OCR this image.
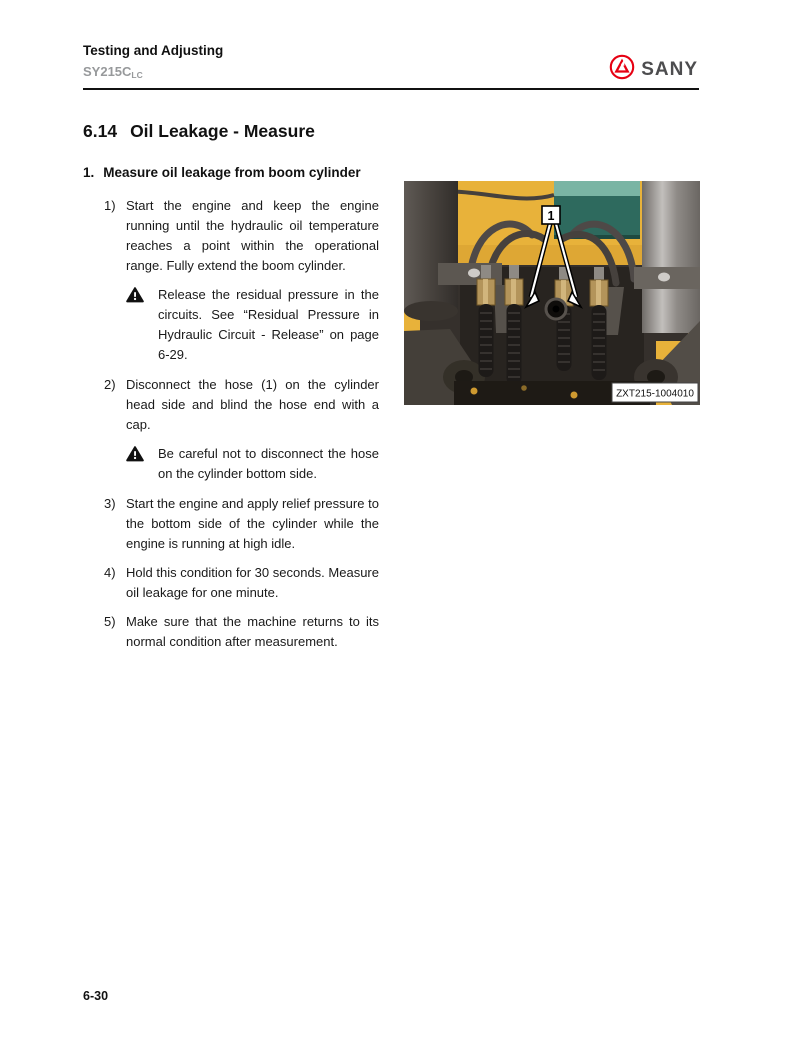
Testing and Adjusting
$SY215C_{LC}$	SANY
6.14 Oil Leakage - Measure
1. Measure oil leakage from boom cylinder
1) Start the engine and keep the engine running until the hydraulic oil temperature reaches a point within the operational range. Fully extend the boom cylinder.

Release the residual pressure in the circuits. See “Residual Pressure in Hydraulic Circuit - Release” on page 6-29.

2) Disconnect the hose (1) on the cylinder head side and blind the hose end with a cap.

Be careful not to disconnect the hose on the cylinder bottom side.

3) Start the engine and apply relief pressure to the bottom side of the cylinder while the engine is running at high idle.

4) Hold this condition for 30 seconds. Measure oil leakage for one minute.

5) Make sure that the machine returns to its normal condition after measurement.

1
ZXT215-1004010
6-30
